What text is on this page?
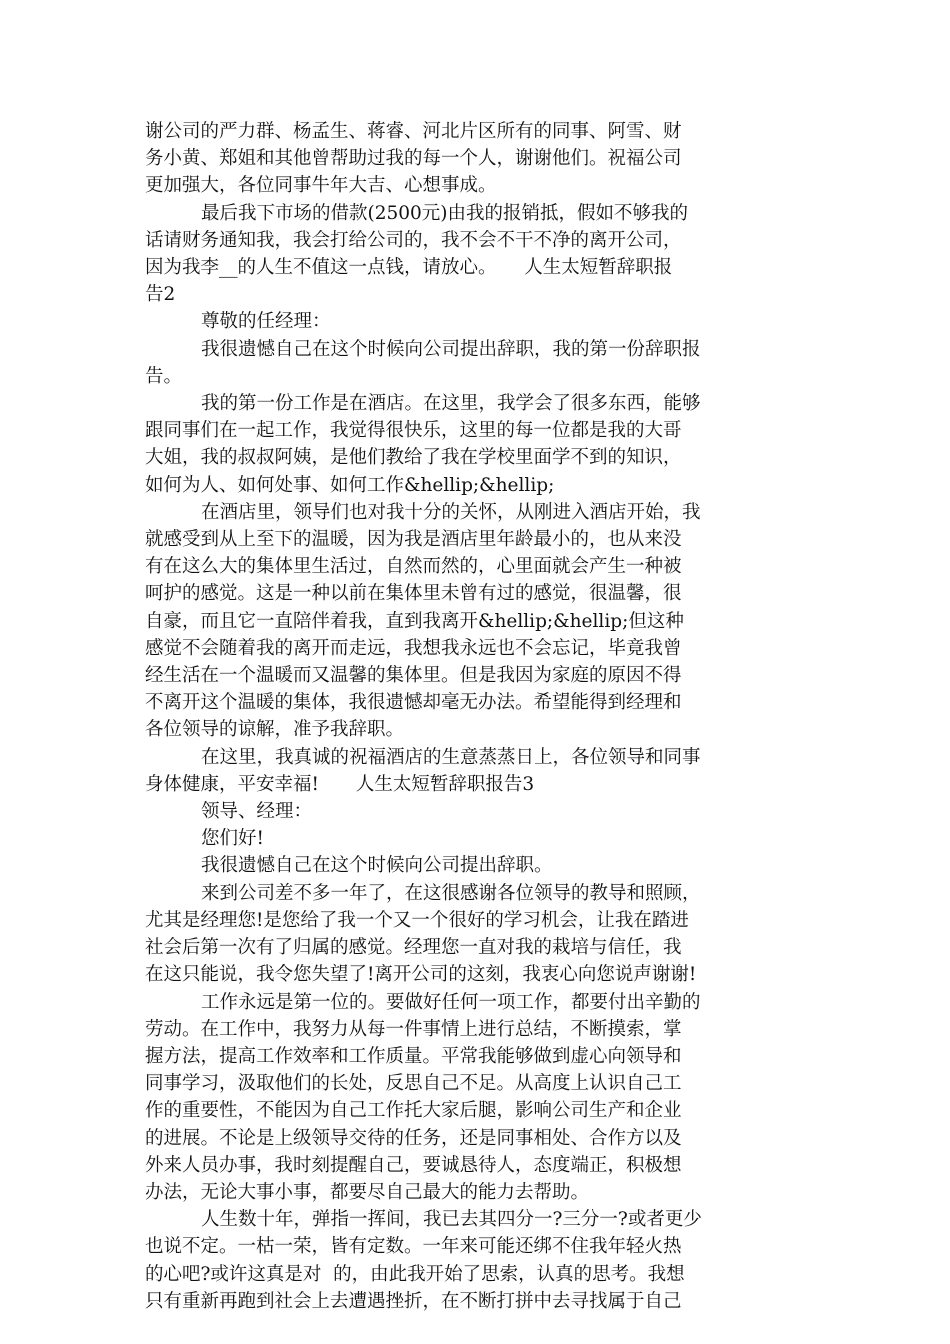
谢公司的严力群、杨孟生、蒋睿、河北片区所有的同事、阿雪、财

务小黄、郑姐和其他曾帮助过我的每一个人，谢谢他们。祝福公司

更加强大，各位同事牛年大吉、心想事成。

最后我下市场的借款(2500元)由我的报销抵，假如不够我的

话请财务通知我，我会打给公司的，我不会不干不净的离开公司，

因为我李__的人生不值这一点钱，请放心。　　人生太短暂辞职报

告2

尊敬的任经理：

我很遗憾自己在这个时候向公司提出辞职，我的第一份辞职报

告。

我的第一份工作是在酒店。在这里，我学会了很多东西，能够

跟同事们在一起工作，我觉得很快乐，这里的每一位都是我的大哥

大姐，我的叔叔阿姨，是他们教给了我在学校里面学不到的知识，

如何为人、如何处事、如何工作&hellip;&hellip;

在酒店里，领导们也对我十分的关怀，从刚进入酒店开始，我

就感受到从上至下的温暖，因为我是酒店里年龄最小的，也从来没

有在这么大的集体里生活过，自然而然的，心里面就会产生一种被

呵护的感觉。这是一种以前在集体里未曾有过的感觉，很温馨，很

自豪，而且它一直陪伴着我，直到我离开&hellip;&hellip;但这种

感觉不会随着我的离开而走远，我想我永远也不会忘记，毕竟我曾

经生活在一个温暖而又温馨的集体里。但是我因为家庭的原因不得

不离开这个温暖的集体，我很遗憾却毫无办法。希望能得到经理和

各位领导的谅解，准予我辞职。

在这里，我真诚的祝福酒店的生意蒸蒸日上，各位领导和同事

身体健康，平安幸福!　　人生太短暂辞职报告3

领导、经理：

您们好!

我很遗憾自己在这个时候向公司提出辞职。

来到公司差不多一年了，在这很感谢各位领导的教导和照顾，

尤其是经理您!是您给了我一个又一个很好的学习机会，让我在踏进

社会后第一次有了归属的感觉。经理您一直对我的栽培与信任，我

在这只能说，我令您失望了!离开公司的这刻，我衷心向您说声谢谢!

工作永远是第一位的。要做好任何一项工作，都要付出辛勤的

劳动。在工作中，我努力从每一件事情上进行总结，不断摸索，掌

握方法，提高工作效率和工作质量。平常我能够做到虚心向领导和

同事学习，汲取他们的长处，反思自己不足。从高度上认识自己工

作的重要性，不能因为自己工作托大家后腿，影响公司生产和企业

的进展。不论是上级领导交待的任务，还是同事相处、合作方以及

外来人员办事，我时刻提醒自己，要诚恳待人，态度端正，积极想

办法，无论大事小事，都要尽自己最大的能力去帮助。

人生数十年，弹指一挥间，我已去其四分一?三分一?或者更少

也说不定。一枯一荣，皆有定数。一年来可能还绑不住我年轻火热

的心吧?或许这真是对  的，由此我开始了思索，认真的思考。我想

只有重新再跑到社会上去遭遇挫折，在不断打拼中去寻找属于自己
